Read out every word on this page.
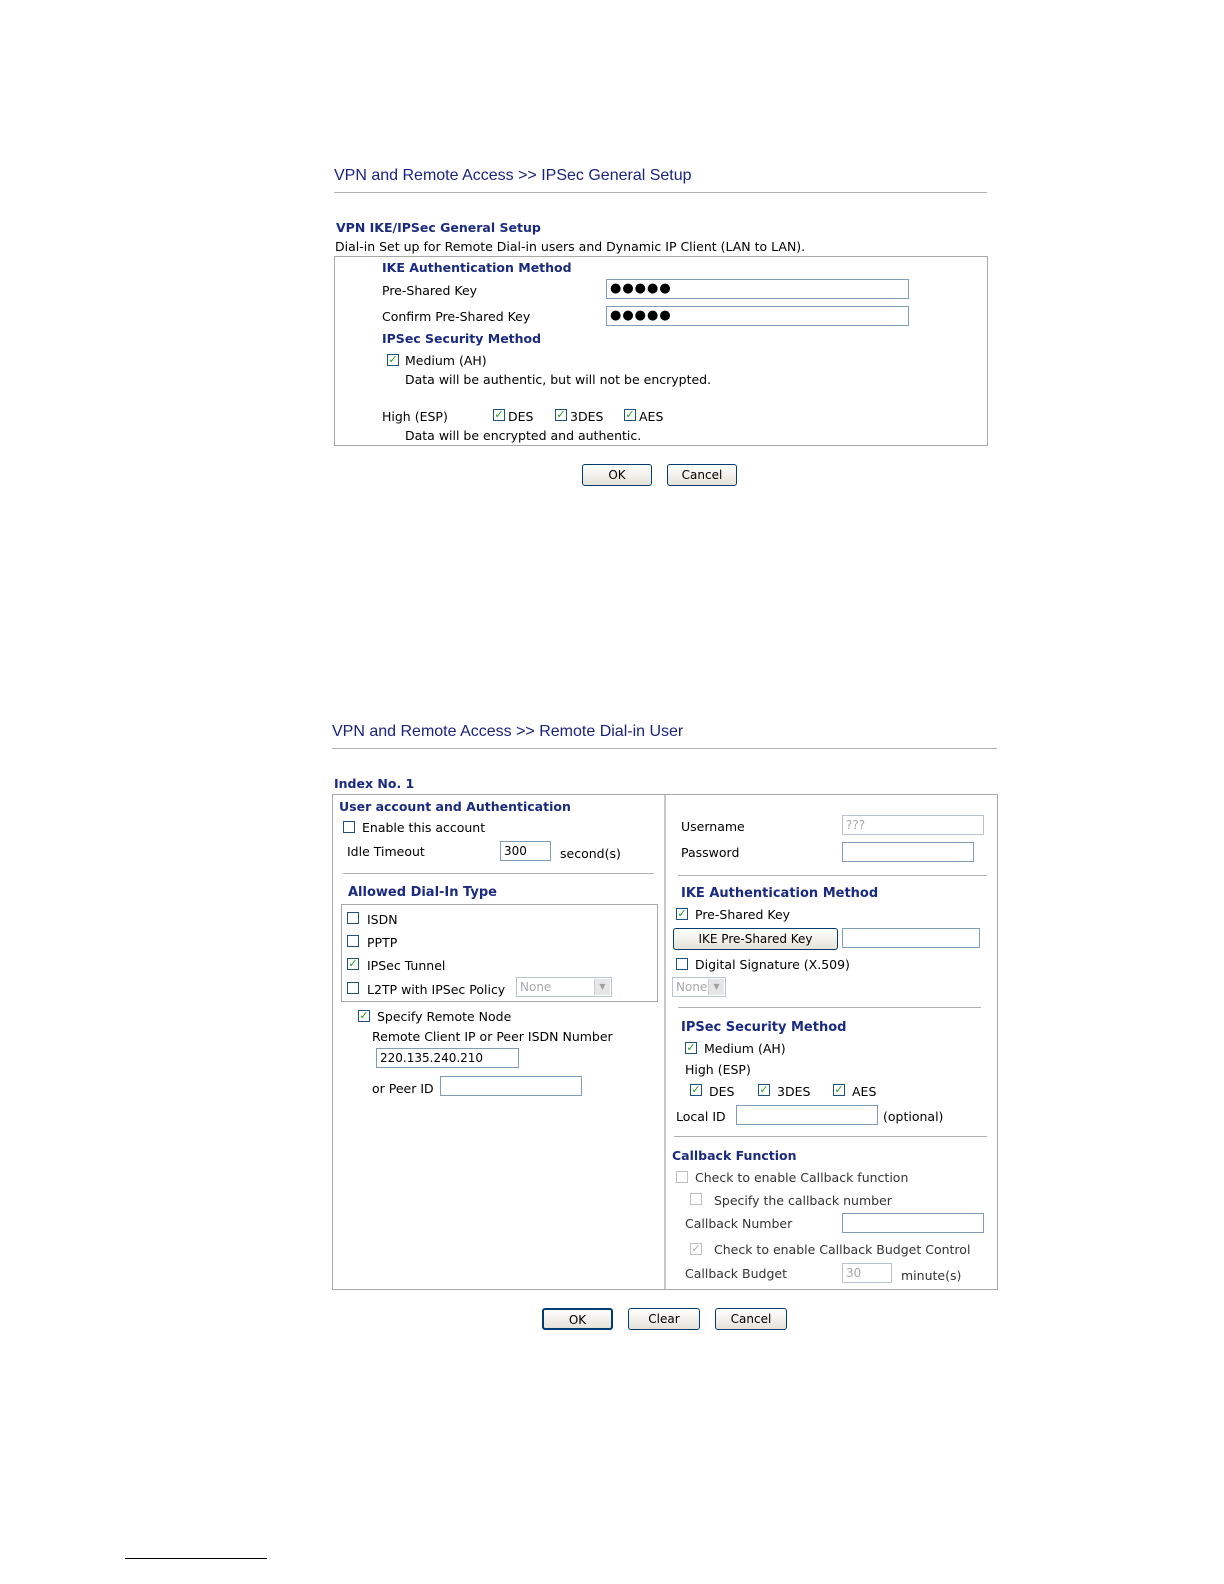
VPN and Remote Access >> IPSec General Setup
VPN IKE/IPSec General Setup
Dial-in Set up for Remote Dial-in users and Dynamic IP Client (LAN to LAN).
IKE Authentication Method
Pre-Shared Key	●●●●●
Confirm Pre-Shared Key	●●●●●
IPSec Security Method
✓ Medium (AH)
Data will be authentic, but will not be encrypted.
High (ESP)	✓ DES ✓ 3DES ✓ AES
Data will be encrypted and authentic.
OK	Cancel
VPN and Remote Access >> Remote Dial-in User
Index No. 1
User account and Authentication
Enable this account
Idle Timeout	300	second(s)
Allowed Dial-In Type
ISDN
PPTP
✓ IPSec Tunnel
L2TP with IPSec Policy	None	▼
✓ Specify Remote Node
Remote Client IP or Peer ISDN Number
220.135.240.210
or Peer ID
Username	???
Password
IKE Authentication Method
✓ Pre-Shared Key
IKE Pre-Shared Key
Digital Signature (X.509)
None ▼
IPSec Security Method
✓ Medium (AH)
High (ESP)
✓ DES ✓ 3DES ✓ AES
Local ID	(optional)
Callback Function
Check to enable Callback function
Specify the callback number
Callback Number
✓ Check to enable Callback Budget Control
Callback Budget	30	minute(s)
OK	Clear	Cancel
